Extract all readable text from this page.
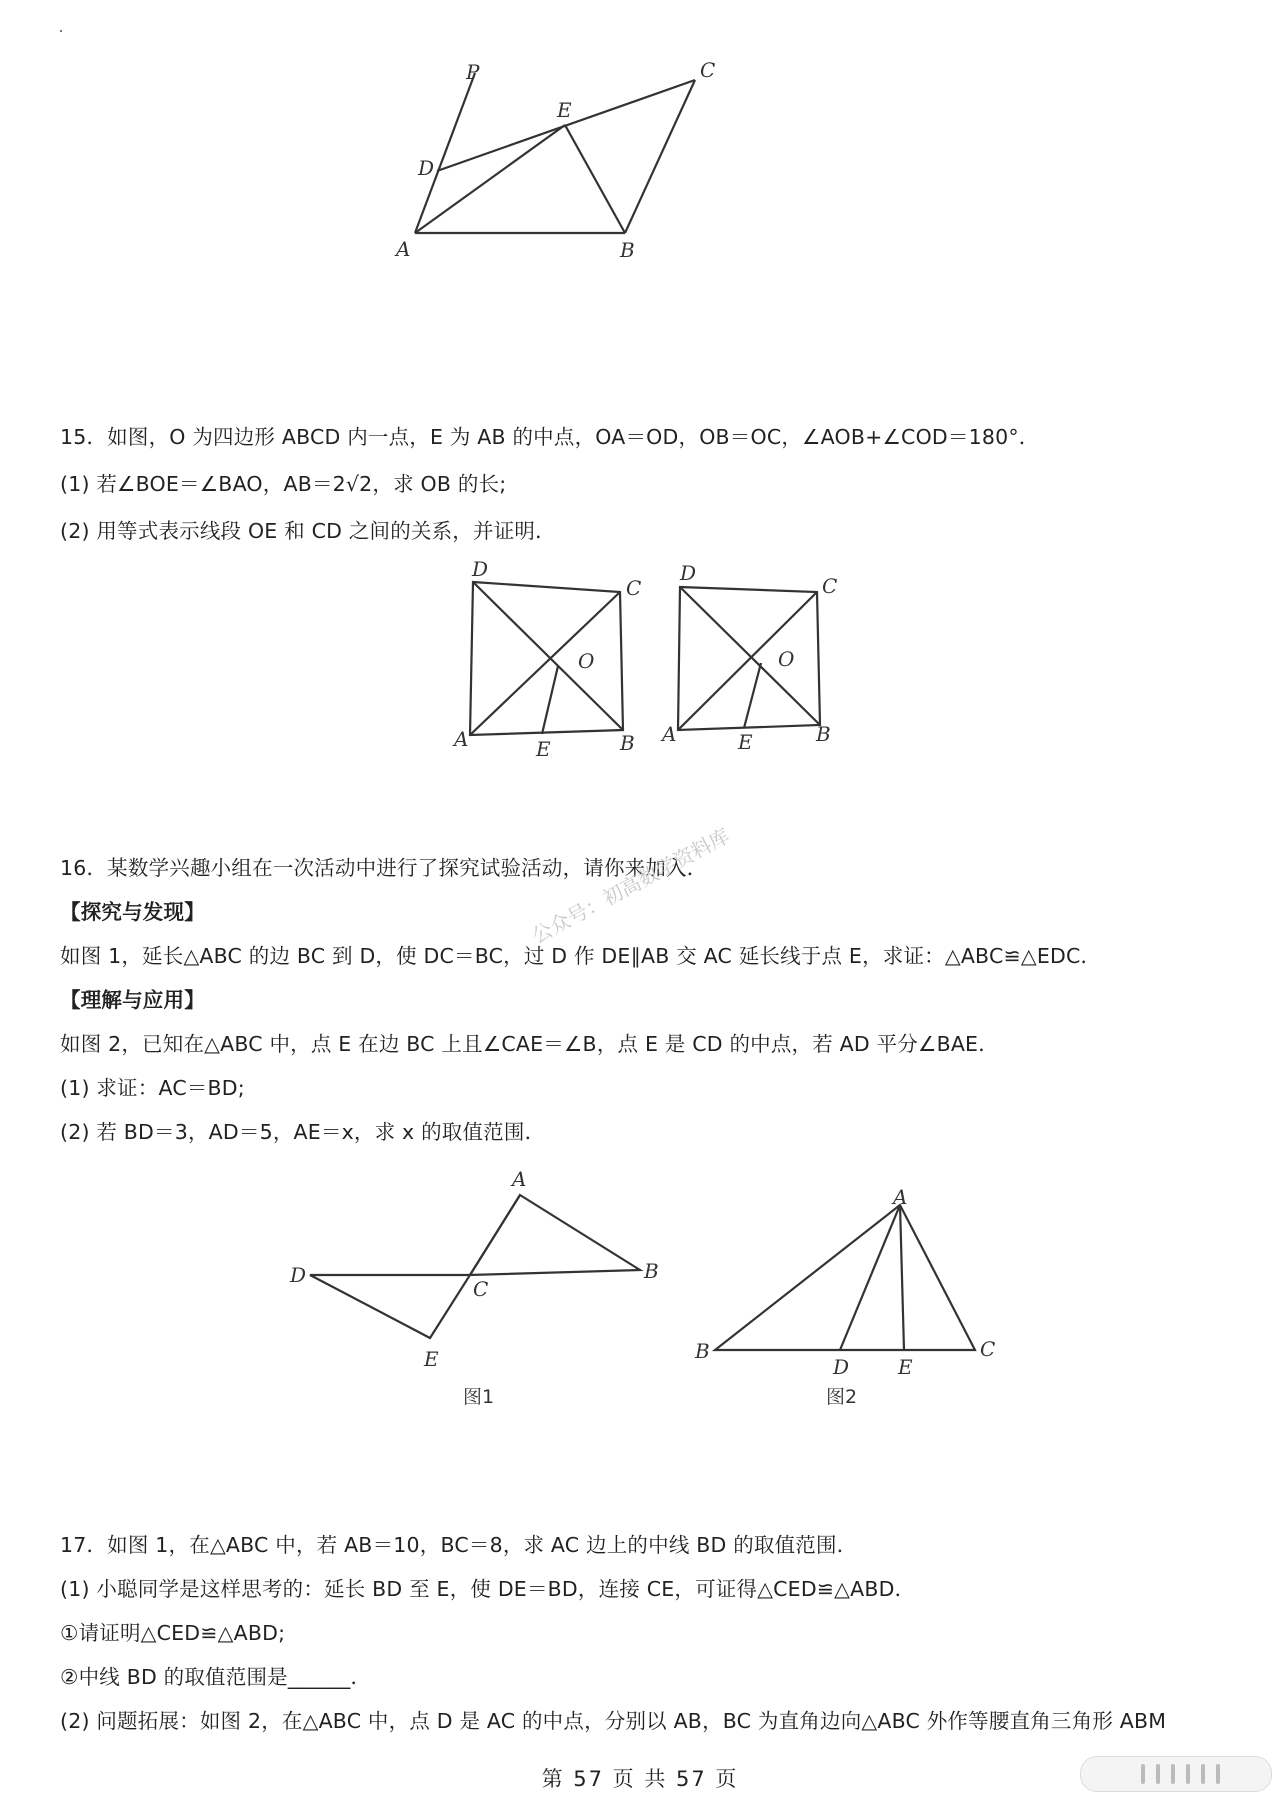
P	C
E
D
A	B
15．如图，O 为四边形 ABCD 内一点，E 为 AB 的中点，OA＝OD，OB＝OC，∠AOB+∠COD＝180°．
(1) 若∠BOE＝∠BAO，AB＝2√2，求 OB 的长;
(2) 用等式表示线段 OE 和 CD 之间的关系，并证明．
D
C
O
A	E	B
D
C
O
A	E	B
16．某数学兴趣小组在一次活动中进行了探究试验活动，请你来加入．
【探究与发现】
如图 1，延长△ABC 的边 BC 到 D，使 DC＝BC，过 D 作 DE∥AB 交 AC 延长线于点 E，求证：△ABC≌△EDC．
【理解与应用】
如图 2，已知在△ABC 中，点 E 在边 BC 上且∠CAE＝∠B，点 E 是 CD 的中点，若 AD 平分∠BAE．
(1) 求证：AC＝BD;
(2) 若 BD＝3，AD＝5，AE＝x，求 x 的取值范围．
公众号：初高数学资料库
A
D
C
B
E
图1
A
B
D E
C
图2
17．如图 1，在△ABC 中，若 AB＝10，BC＝8，求 AC 边上的中线 BD 的取值范围．
(1) 小聪同学是这样思考的：延长 BD 至 E，使 DE＝BD，连接 CE，可证得△CED≌△ABD．
①请证明△CED≌△ABD;
②中线 BD 的取值范围是______．
(2) 问题拓展：如图 2，在△ABC 中，点 D 是 AC 的中点，分别以 AB，BC 为直角边向△ABC 外作等腰直角三角形 ABM
第 57 页 共 57 页
